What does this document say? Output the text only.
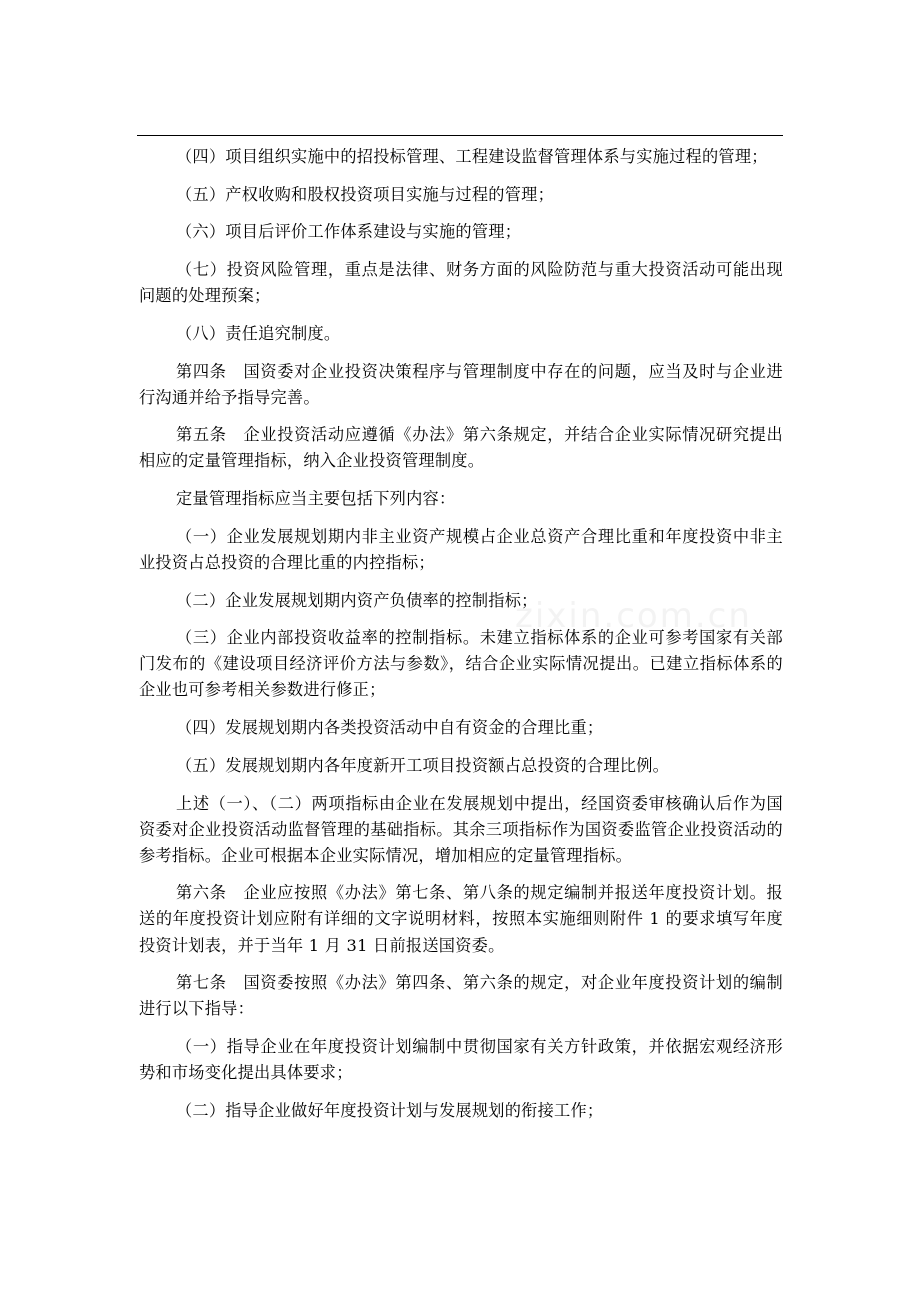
（四）项目组织实施中的招投标管理、工程建设监督管理体系与实施过程的管理；

（五）产权收购和股权投资项目实施与过程的管理；

（六）项目后评价工作体系建设与实施的管理；

（七）投资风险管理，重点是法律、财务方面的风险防范与重大投资活动可能出现问题的处理预案；

（八）责任追究制度。

第四条　国资委对企业投资决策程序与管理制度中存在的问题，应当及时与企业进行沟通并给予指导完善。

第五条　企业投资活动应遵循《办法》第六条规定，并结合企业实际情况研究提出相应的定量管理指标，纳入企业投资管理制度。

定量管理指标应当主要包括下列内容：

（一）企业发展规划期内非主业资产规模占企业总资产合理比重和年度投资中非主业投资占总投资的合理比重的内控指标；

（二）企业发展规划期内资产负债率的控制指标；

（三）企业内部投资收益率的控制指标。未建立指标体系的企业可参考国家有关部门发布的《建设项目经济评价方法与参数》，结合企业实际情况提出。已建立指标体系的企业也可参考相关参数进行修正；

（四）发展规划期内各类投资活动中自有资金的合理比重；

（五）发展规划期内各年度新开工项目投资额占总投资的合理比例。

上述（一）、（二）两项指标由企业在发展规划中提出，经国资委审核确认后作为国资委对企业投资活动监督管理的基础指标。其余三项指标作为国资委监管企业投资活动的参考指标。企业可根据本企业实际情况，增加相应的定量管理指标。

第六条　企业应按照《办法》第七条、第八条的规定编制并报送年度投资计划。报送的年度投资计划应附有详细的文字说明材料，按照本实施细则附件 1 的要求填写年度投资计划表，并于当年 1 月 31 日前报送国资委。

第七条　国资委按照《办法》第四条、第六条的规定，对企业年度投资计划的编制进行以下指导：

（一）指导企业在年度投资计划编制中贯彻国家有关方针政策，并依据宏观经济形势和市场变化提出具体要求；

（二）指导企业做好年度投资计划与发展规划的衔接工作；

zixin.com.cn
